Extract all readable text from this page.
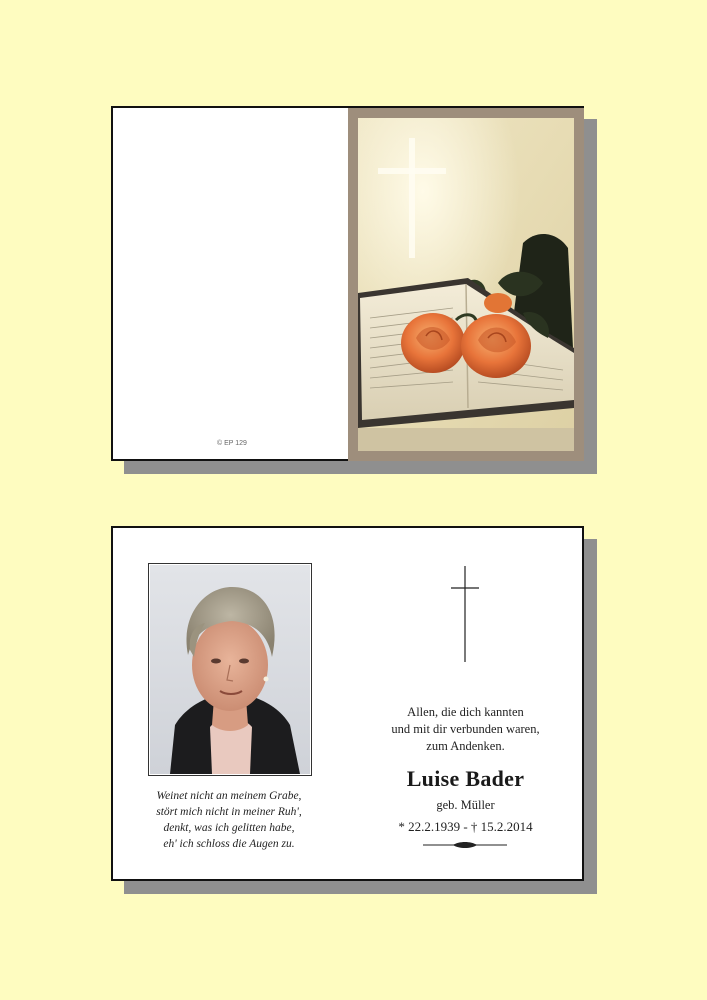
© EP 129
Weinet nicht an meinem Grabe,
stört mich nicht in meiner Ruh',
denkt, was ich gelitten habe,
eh' ich schloss die Augen zu.
Allen, die dich kannten
und mit dir verbunden waren,
zum Andenken.
Luise Bader
geb. Müller
* 22.2.1939 - † 15.2.2014
